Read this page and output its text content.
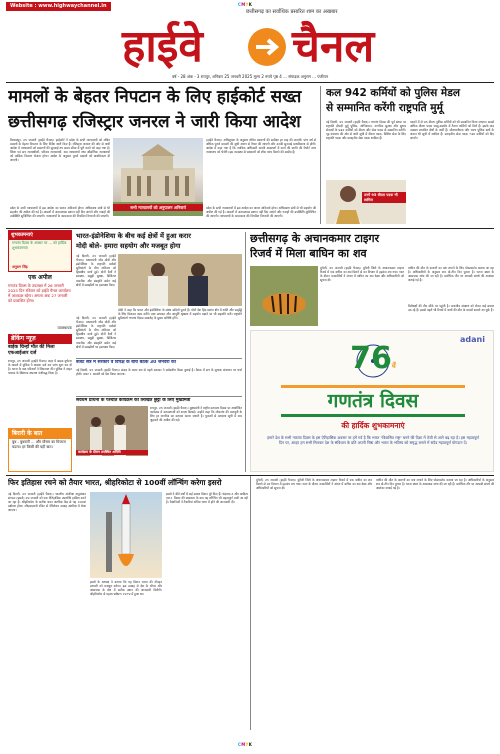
Website : www.highwaychannel.in	CMYK
छत्तीसगढ़ का सर्वाधिक प्रसारित शाम का अखबार
हाईवे चैनल
वर्ष - 28 अंक - 3 रायपुर, शनिवार 25 जनवरी 2025 मूल्य 2 रुपये पृष्ठ 4 ... संपादक अनुराग ... पंजीयन
मामलों के बेहतर निपटान के लिए हाईकोर्ट सख्त
छत्तीसगढ़ रजिस्ट्रार जनरल ने जारी किया आदेश
बिलासपुर, 25 जनवरी (हाईवे चैनल)। हाईकोर्ट ने प्रदेश के सभी न्यायालयों को लंबित मामलों के बेहतर निपटान के लिए निर्देश जारी किए हैं। रजिस्ट्रार जनरल की ओर से जारी आदेश में न्यायालयों को प्रकरणों की सुनवाई तय समय सीमा में पूरी करने को कहा गया है। जिला एवं सत्र न्यायाधीशों, परिवार न्यायालयों, श्रम न्यायालयों तथा औद्योगिक न्यायालयों को मासिक विवरण भेजना होगा। आदेश के अनुसार पुराने मामलों को प्राथमिकता दी जाएगी।
सभी न्यायालयों को अनुपालन अनिवार्य
(हाईवे चैनल)। अधिसूचना के अनुसार लंबित प्रकरणों की समीक्षा हर माह की जाएगी। पांच वर्ष से अधिक पुराने मामलों की सूची अलग से तैयार की जाएगी और उनकी सुनवाई प्राथमिकता से होगी। आदेश में कहा गया है कि न्यायिक अधिकारी अपनी अदालतों में कार्य की प्रगति की रिपोर्ट उच्च न्यायालय को भेजेंगे। इस व्यवस्था से पक्षकारों को शीघ्र न्याय मिलने की उम्मीद है।
प्रदेश के सभी न्यायालयों में इस आदेश का पालन अनिवार्य होगा। अधिवक्ता संघों से भी सहयोग की अपील की गई है। मामलों में अनावश्यक स्थगन नहीं दिए जाएंगे और गवाहों की उपस्थिति सुनिश्चित की जाएगी। न्यायालयों के कामकाज की नियमित निगरानी की जाएगी।
प्रदेश के सभी न्यायालयों में इस आदेश का पालन अनिवार्य होगा। अधिवक्ता संघों से भी सहयोग की अपील की गई है। मामलों में अनावश्यक स्थगन नहीं दिए जाएंगे और गवाहों की उपस्थिति सुनिश्चित की जाएगी। न्यायालयों के कामकाज की नियमित निगरानी की जाएगी।
कल 942 कर्मियों को पुलिस मेडल
से सम्मानित करेंगी राष्ट्रपति मुर्मू
नई दिल्ली, 25 जनवरी (हाईवे चैनल)। गणतंत्र दिवस की पूर्व संध्या पर राष्ट्रपति द्रौपदी मुर्मू पुलिस, अग्निशमन, नागरिक सुरक्षा और सुधार सेवाओं के 942 कर्मियों को वीरता और सेवा पदक से सम्मानित करेंगी। गृह मंत्रालय की ओर से जारी सूची में वीरता पदक, विशिष्ट सेवा के लिए राष्ट्रपति पदक और सराहनीय सेवा पदक शामिल हैं।
उनमें 95 वीरता पदक भी शामिल
पदकों में से 95 वीरता पुलिस कर्मियों को भी सम्मानित किया जाएगा। सबसे अधिक वीरता पदक जम्मू-कश्मीर में तैनात कर्मियों को मिले हैं। इसके बाद नक्सल प्रभावित क्षेत्रों के कर्मी हैं। सीआरपीएफ और राज्य पुलिस बलों के जवान भी सूची में शामिल हैं। सराहनीय सेवा पदक 746 कर्मियों को दिए जाएंगे।
शुभकामनाएं
गणतंत्र दिवस के अवसर पर ... को हार्दिक शुभकामनाएं
अनुराग सिंह
एक अपील
गणतंत्र दिवस के उपलक्ष्य में 26 जनवरी 2025 दिन रविवार को हाईवे चैनल कार्यालय में अवकाश रहेगा। अगला अंक 27 जनवरी को प्रकाशित होगा।
व्यवस्थापक
ब्रेकिंग न्यूज़
बाईक चिन्हों मौत की मिला एफआईआर दर्ज
रायपुर, 25 जनवरी (हाईवे चैनल)। शहर में सड़क दुर्घटना के मामले में पुलिस ने मामला दर्ज कर जांच शुरू कर दी है। घटना के बाद परिजनों ने शिकायत की। पुलिस ने वाहन चालक के खिलाफ अपराध पंजीबद्ध किया है।
बिरारी के बात
बुध - बुधवारी ... और मौसम का मिजाज बदला। हर किसी की यही बात।
भारत-इंडोनेशिया के बीच कई क्षेत्रों में हुआ करार
मोदी बोले- हमारा सहयोग और मजबूत होगा
नई दिल्ली, 25 जनवरी (हाईवे चैनल)। प्रधानमंत्री नरेंद्र मोदी और इंडोनेशिया के राष्ट्रपति प्रबोवो सुबियांतो के बीच शनिवार को द्विपक्षीय वार्ता हुई। दोनों देशों ने स्वास्थ्य, समुद्री सुरक्षा, डिजिटल तकनीक और संस्कृति समेत कई क्षेत्रों में समझौतों पर हस्ताक्षर किए।
मोदी ने कहा कि भारत और इंडोनेशिया के संबंध सदियों पुराने हैं। दोनों देश हिंद-प्रशांत क्षेत्र में शांति और समृद्धि के लिए मिलकर काम करेंगे। रक्षा उत्पादन और आपूर्ति श्रृंखला में सहयोग बढ़ाने पर भी सहमति बनी। राष्ट्रपति सुबियांतो गणतंत्र दिवस समारोह के मुख्य अतिथि होंगे।
नई दिल्ली, 25 जनवरी (हाईवे चैनल)। प्रधानमंत्री नरेंद्र मोदी और इंडोनेशिया के राष्ट्रपति प्रबोवो सुबियांतो के बीच शनिवार को द्विपक्षीय वार्ता हुई। दोनों देशों ने स्वास्थ्य, समुद्री सुरक्षा, डिजिटल तकनीक और संस्कृति समेत कई क्षेत्रों में समझौतों पर हस्ताक्षर किए।
बजट सत्र में सरकार व विपक्ष के बीच बैठक 30 जनवरी को
नई दिल्ली, 25 जनवरी (हाईवे चैनल)। संसद के बजट सत्र से पहले सरकार ने सर्वदलीय बैठक बुलाई है। बैठक में सत्र के सुचारू संचालन पर चर्चा होगी। बजट 1 फरवरी को पेश किया जाएगा।
सर्वधर्म प्रार्थना के पश्चात कार्यक्रम की लिखित छुट्टी के लिए मुख्यमंत्री
कार्यक्रम के दौरान उपस्थित अतिथि
रायपुर, 25 जनवरी (हाईवे चैनल)। मुख्यमंत्री ने राष्ट्रीय मतदाता दिवस पर आयोजित कार्यक्रम में मतदाताओं को शपथ दिलाई। उन्होंने कहा कि लोकतंत्र की मजबूती के लिए हर नागरिक का मतदान करना जरूरी है। युवाओं से मतदाता सूची में नाम जुड़वाने की अपील की गई।
छत्तीसगढ़ के अचानकमार टाइगर
रिजर्व में मिला बाघिन का शव
मुंगेली, 25 जनवरी (हाईवे चैनल)। मुंगेली जिले के अचानकमार टाइगर रिजर्व में एक बाघिन का शव मिलने से वन विभाग में हड़कंप मच गया। गश्त के दौरान वनकर्मियों ने जंगल में बाघिन का शव देखा और अधिकारियों को सूचना दी।
बाघिन की मौत के कारणों का पता लगाने के लिए पोस्टमार्टम कराया जा रहा है। अधिकारियों के अनुसार शव दो-तीन दिन पुराना है। घटना स्थल के आसपास जांच की जा रही है। प्रारंभिक तौर पर आपसी संघर्ष की आशंका जताई गई है।
विशेषज्ञों की टीम मौके पर पहुंची है। वन्यजीव संरक्षण को लेकर कई सवाल उठ रहे हैं। इससे पहले भी रिजर्व में बाघों की मौत के मामले सामने आ चुके हैं।
adani
76वें
गणतंत्र दिवस
की हार्दिक शुभकामनाएं
हमारे देश के सभी गणतंत्र दिवस के इस ऐतिहासिक अवसर पर हमें गर्व है कि भारत "विकसित राष्ट्र" बनने की दिशा में तेजी से आगे बढ़ रहा है। इस महत्वपूर्ण दिन पर, आइए हम सभी मिलकर देश के संविधान के प्रति अपनी निष्ठा और भारत के भविष्य को समृद्ध बनाने में सदैव महत्वपूर्ण योगदान दें।
फिर इतिहास रचने को तैयार भारत, श्रीहरिकोटा से 100वीं लॉन्चिंग करेगा इसरो
नई दिल्ली, 25 जनवरी (हाईवे चैनल)। भारतीय अंतरिक्ष अनुसंधान संगठन (इसरो) 29 जनवरी को एक ऐतिहासिक उपलब्धि हासिल करने जा रहा है। श्रीहरिकोटा के सतीश धवन अंतरिक्ष केंद्र से यह 100वां प्रक्षेपण होगा। जीएसएलवी रॉकेट से नेविगेशन उपग्रह अंतरिक्ष में भेजा जाएगा।
इसरो के अध्यक्ष ने बताया कि यह मिशन भारत की नौवहन प्रणाली को मजबूत करेगा। इस उपग्रह से देश के भीतर और आसपास के क्षेत्र में सटीक स्थान की जानकारी मिलेगी। श्रीहरिकोटा से पहला प्रक्षेपण 1979 में हुआ था।
इसरो ने बीते वर्षों में कई सफल मिशन पूरे किए हैं। चंद्रयान-3 और आदित्य एल-1 मिशन की सफलता के बाद यह लॉन्चिंग भी महत्वपूर्ण मानी जा रही है। वैज्ञानिकों ने तैयारियां अंतिम चरण में होने की जानकारी दी।
मुंगेली, 25 जनवरी (हाईवे चैनल)। मुंगेली जिले के अचानकमार टाइगर रिजर्व में एक बाघिन का शव मिलने से वन विभाग में हड़कंप मच गया। गश्त के दौरान वनकर्मियों ने जंगल में बाघिन का शव देखा और अधिकारियों को सूचना दी।
बाघिन की मौत के कारणों का पता लगाने के लिए पोस्टमार्टम कराया जा रहा है। अधिकारियों के अनुसार शव दो-तीन दिन पुराना है। घटना स्थल के आसपास जांच की जा रही है। प्रारंभिक तौर पर आपसी संघर्ष की आशंका जताई गई है।
CMYK
